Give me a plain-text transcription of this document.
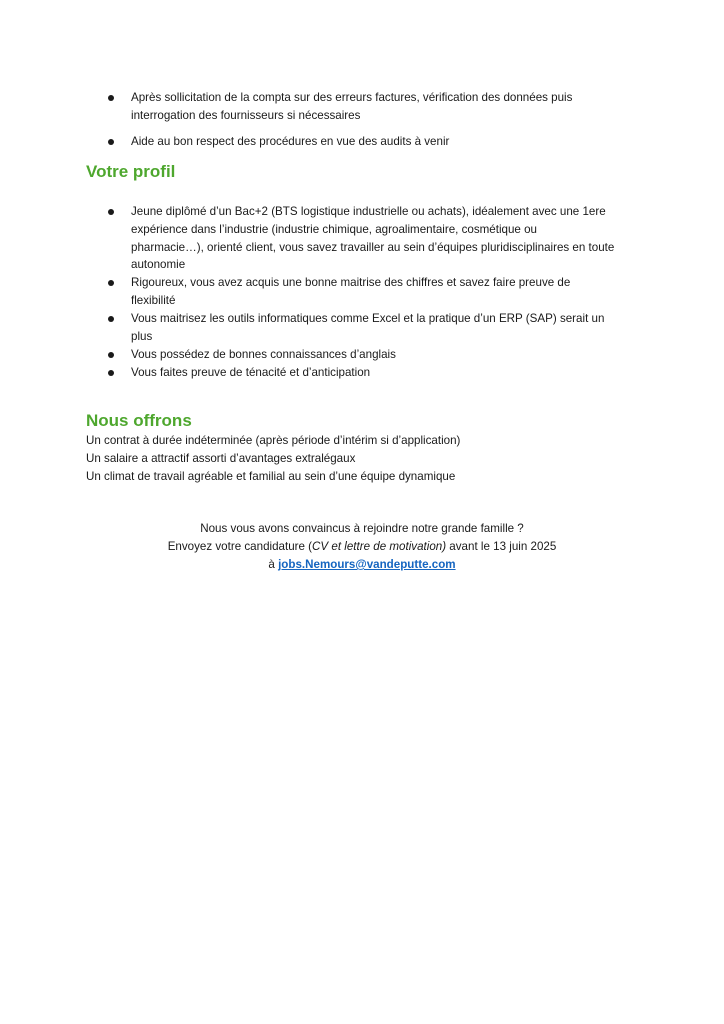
Votre profil
Nous offrons
Nous vous avons convaincus à rejoindre notre grande famille ?
Envoyez votre candidature (CV et lettre de motivation) avant le 13 juin 2025
à jobs.Nemours@vandeputte.com
Après sollicitation de la compta sur des erreurs factures, vérification des données puis
interrogation des fournisseurs si nécessaires
Aide au bon respect des procédures en vue des audits à venir
Jeune diplômé d’un Bac+2 (BTS logistique industrielle ou achats), idéalement avec une 1ere
expérience dans l’industrie (industrie chimique, agroalimentaire, cosmétique ou
pharmacie…), orienté client, vous savez travailler au sein d’équipes pluridisciplinaires en toute
autonomie
Rigoureux, vous avez acquis une bonne maitrise des chiffres et savez faire preuve de
flexibilité
Vous maitrisez les outils informatiques comme Excel et la pratique d’un ERP (SAP) serait un
plus
Vous possédez de bonnes connaissances d’anglais
Vous faites preuve de ténacité et d’anticipation
Un contrat à durée indéterminée (après période d’intérim si d’application)
Un salaire a attractif assorti d’avantages extralégaux
Un climat de travail agréable et familial au sein d’une équipe dynamique
